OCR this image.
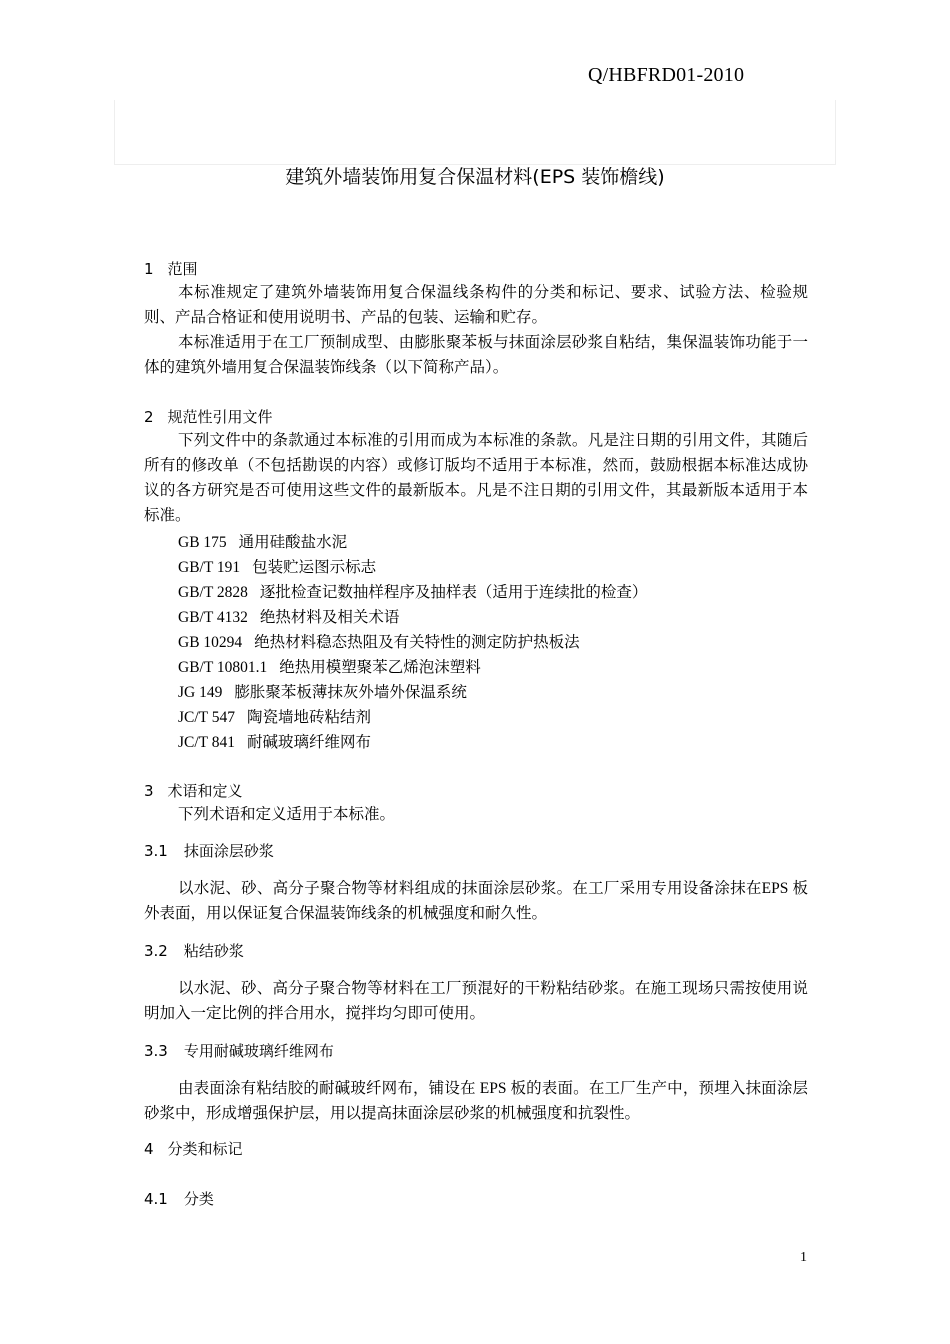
Q/HBFRD01-2010
建筑外墙装饰用复合保温材料(EPS 装饰檐线)
1 范围
本标准规定了建筑外墙装饰用复合保温线条构件的分类和标记、要求、试验方法、检验规则、产品合格证和使用说明书、产品的包装、运输和贮存。
本标准适用于在工厂预制成型、由膨胀聚苯板与抹面涂层砂浆自粘结，集保温装饰功能于一体的建筑外墙用复合保温装饰线条（以下简称产品）。
2 规范性引用文件
下列文件中的条款通过本标准的引用而成为本标准的条款。凡是注日期的引用文件，其随后所有的修改单（不包括勘误的内容）或修订版均不适用于本标准，然而，鼓励根据本标准达成协议的各方研究是否可使用这些文件的最新版本。凡是不注日期的引用文件，其最新版本适用于本标准。
GB 175 通用硅酸盐水泥
GB/T 191 包装贮运图示标志
GB/T 2828 逐批检查记数抽样程序及抽样表（适用于连续批的检查）
GB/T 4132 绝热材料及相关术语
GB 10294 绝热材料稳态热阻及有关特性的测定防护热板法
GB/T 10801.1 绝热用模塑聚苯乙烯泡沫塑料
JG 149 膨胀聚苯板薄抹灰外墙外保温系统
JC/T 547 陶瓷墙地砖粘结剂
JC/T 841 耐碱玻璃纤维网布
3 术语和定义
下列术语和定义适用于本标准。
3.1 抹面涂层砂浆
以水泥、砂、高分子聚合物等材料组成的抹面涂层砂浆。在工厂采用专用设备涂抹在EPS 板外表面，用以保证复合保温装饰线条的机械强度和耐久性。
3.2 粘结砂浆
以水泥、砂、高分子聚合物等材料在工厂预混好的干粉粘结砂浆。在施工现场只需按使用说明加入一定比例的拌合用水，搅拌均匀即可使用。
3.3 专用耐碱玻璃纤维网布
由表面涂有粘结胶的耐碱玻纤网布，铺设在 EPS 板的表面。在工厂生产中，预埋入抹面涂层砂浆中，形成增强保护层，用以提高抹面涂层砂浆的机械强度和抗裂性。
4 分类和标记
4.1 分类
1
